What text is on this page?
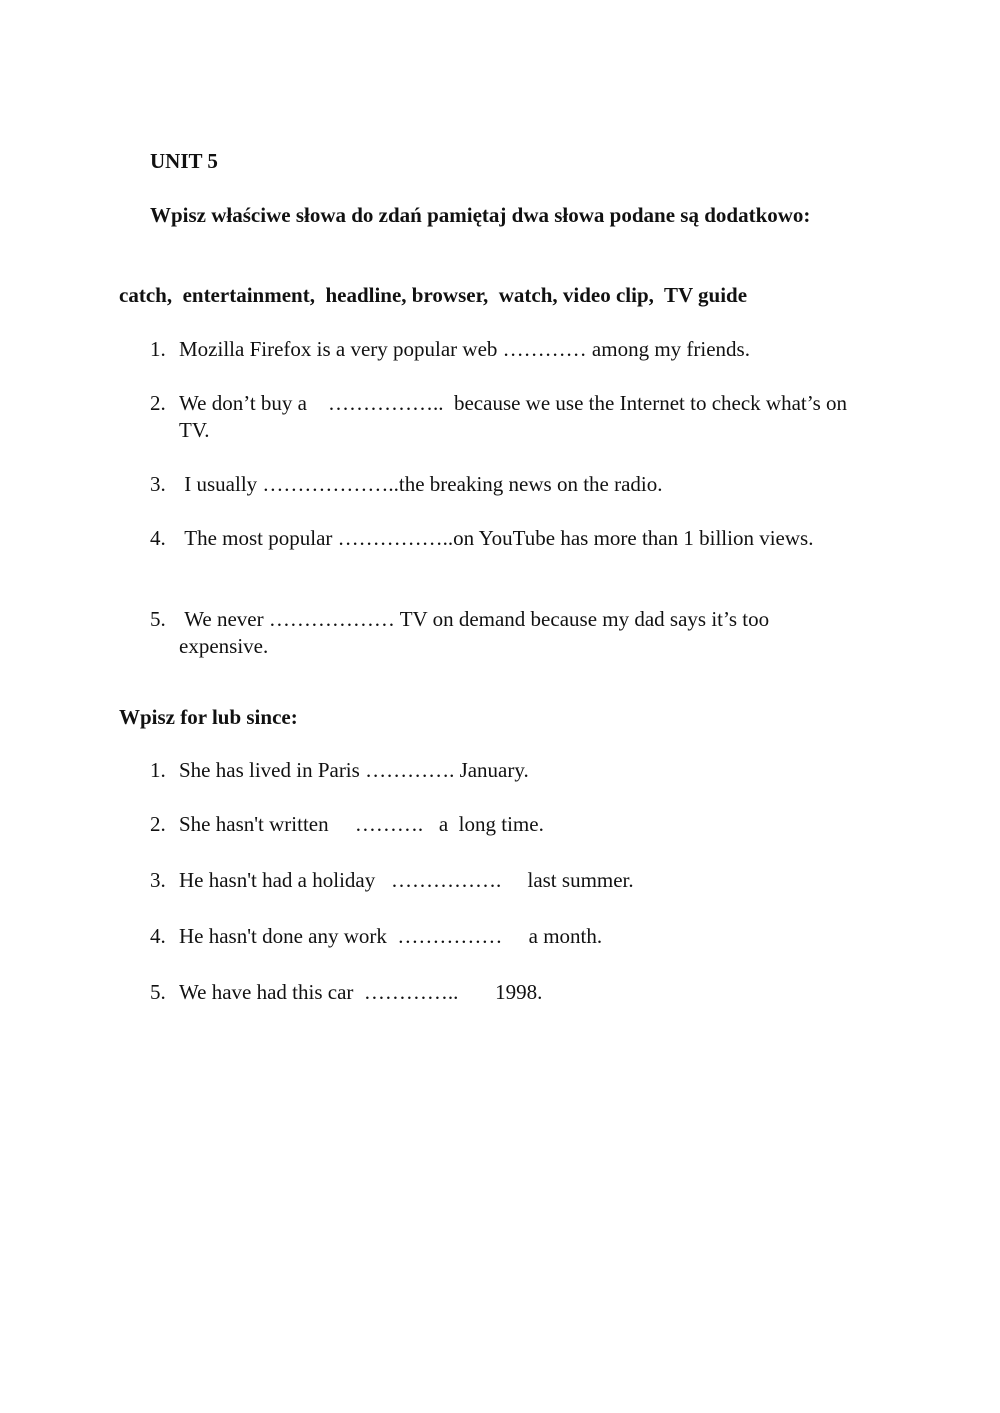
UNIT 5
Wpisz właściwe słowa do zdań pamiętaj dwa słowa podane są dodatkowo:
catch,  entertainment,  headline, browser,  watch, video clip,  TV guide
1. Mozilla Firefox is a very popular web ………… among my friends.
2. We don’t buy a    ……………..  because we use the Internet to check what’s on TV.
3. I usually ………………..the breaking news on the radio.
4. The most popular ……………..on YouTube has more than 1 billion views.
5. We never ……………… TV on demand because my dad says it’s too expensive.
Wpisz for lub since:
1. She has lived in Paris …………. January.
2. She hasn't written     ……….   a  long time.
3. He hasn't had a holiday   …………….     last summer.
4. He hasn't done any work  ……………     a month.
5. We have had this car  …………..       1998.
